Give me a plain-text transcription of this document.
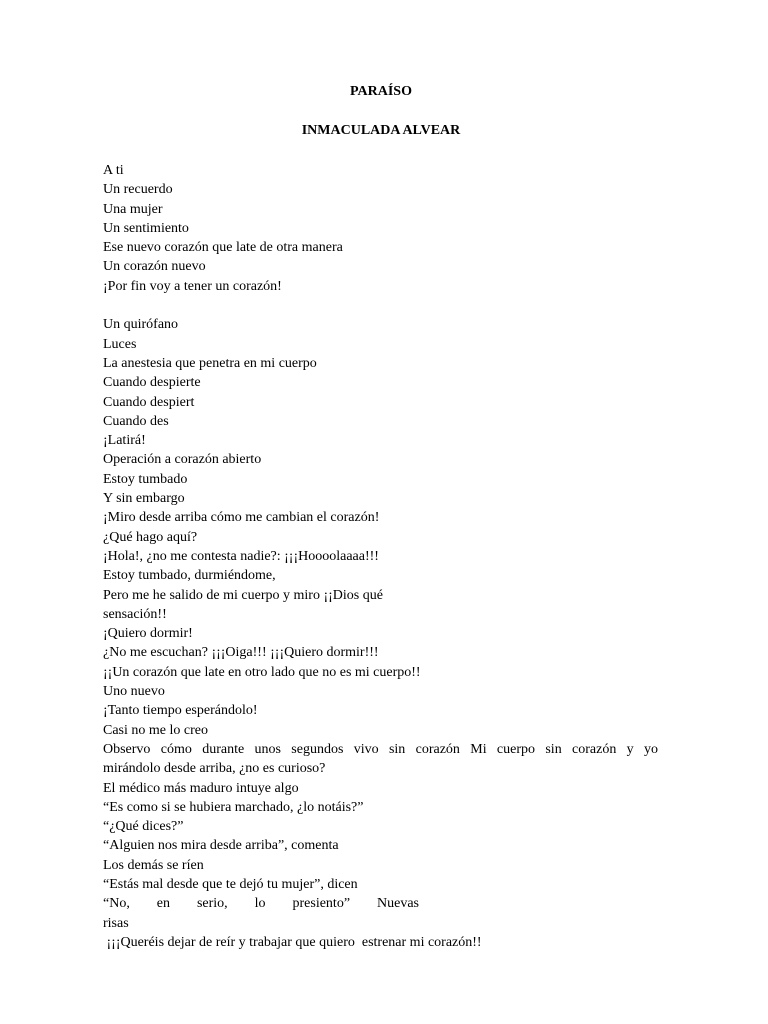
PARAÍSO
INMACULADA ALVEAR
A ti
Un recuerdo
Una mujer
Un sentimiento
Ese nuevo corazón que late de otra manera
Un corazón nuevo
¡Por fin voy a tener un corazón!
Un quirófano
Luces
La anestesia que penetra en mi cuerpo
Cuando despierte
Cuando despiert
Cuando des
¡Latirá!
Operación a corazón abierto
Estoy tumbado
Y sin embargo
¡Miro desde arriba cómo me cambian el corazón!
¿Qué hago aquí?
¡Hola!, ¿no me contesta nadie?: ¡¡¡Hoooolaaaa!!!
Estoy tumbado, durmiéndome,
Pero me he salido de mi cuerpo y miro ¡¡Dios qué
sensación!!
¡Quiero dormir!
¿No me escuchan? ¡¡¡Oiga!!! ¡¡¡Quiero dormir!!!
¡¡Un corazón que late en otro lado que no es mi cuerpo!!
Uno nuevo
¡Tanto tiempo esperándolo!
Casi no me lo creo
Observo cómo durante unos segundos vivo sin corazón Mi cuerpo sin corazón y yo
mirándolo desde arriba, ¿no es curioso?
El médico más maduro intuye algo
“Es como si se hubiera marchado, ¿lo notáis?”
“¿Qué dices?”
“Alguien nos mira desde arriba”, comenta
Los demás se ríen
“Estás mal desde que te dejó tu mujer”, dicen
“No, en serio, lo presiento” Nuevas
risas
¡¡¡Queréis dejar de reír y trabajar que quiero  estrenar mi corazón!!
